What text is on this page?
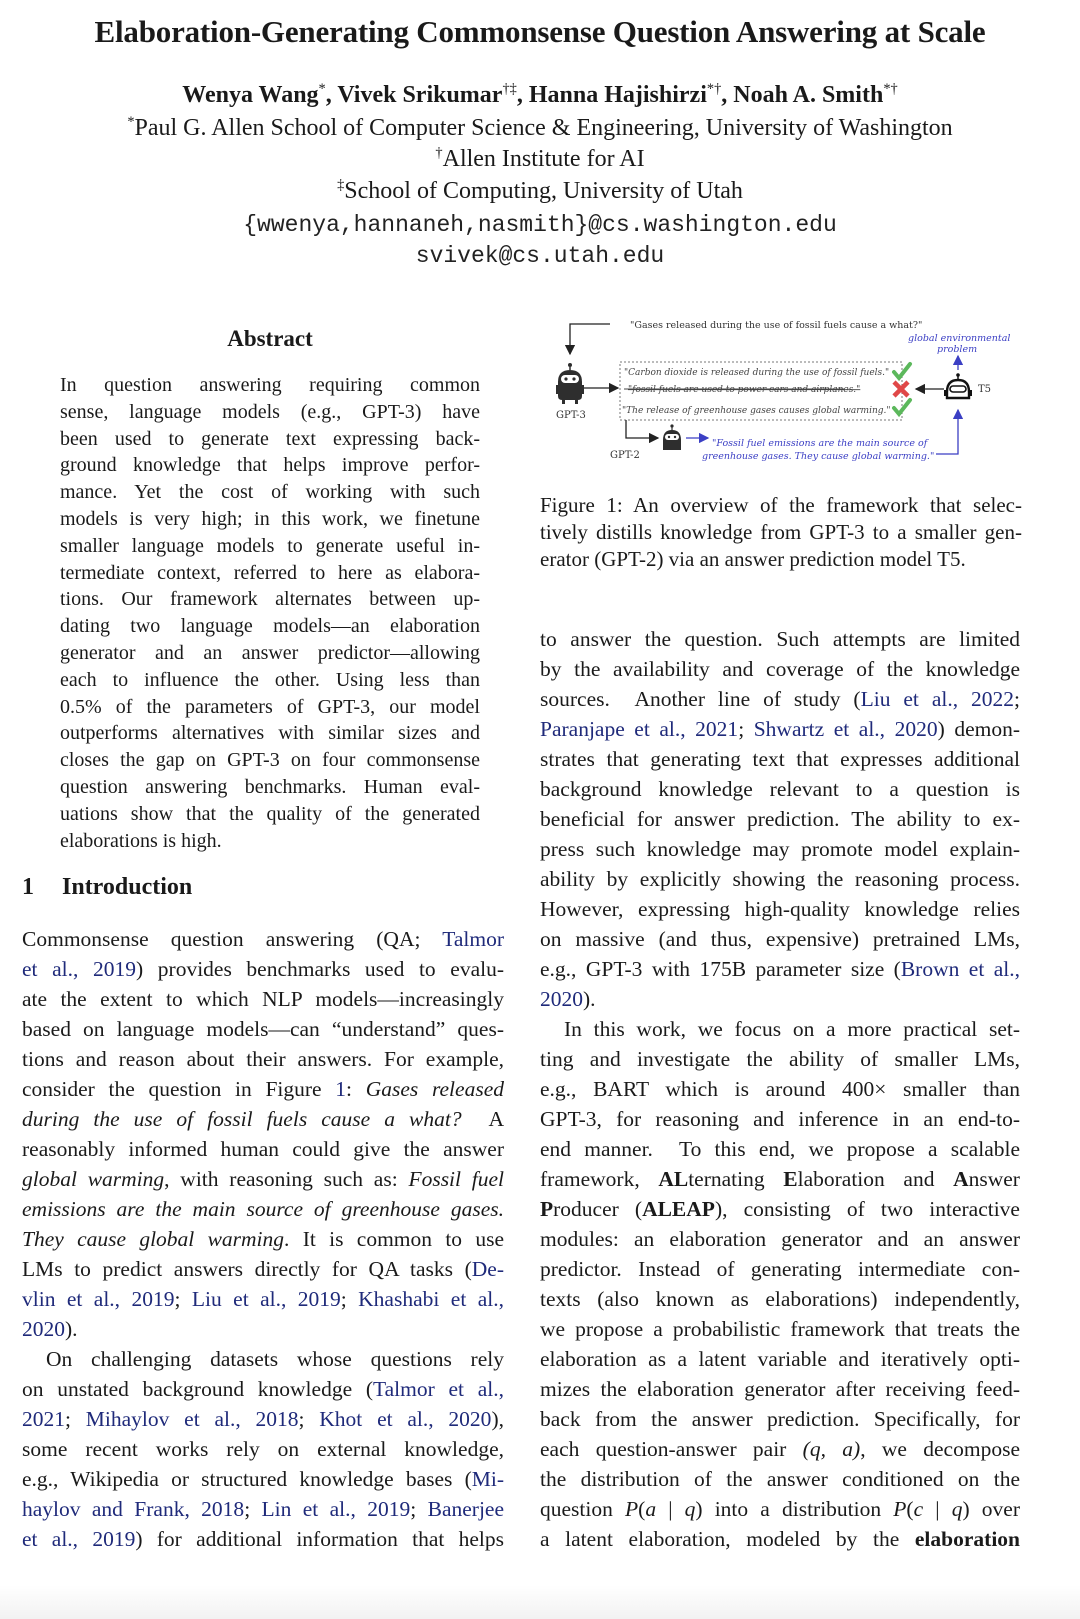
Elaboration-Generating Commonsense Question Answering at Scale
Wenya Wang*, Vivek Srikumar†‡, Hanna Hajishirzi*†, Noah A. Smith*†
*Paul G. Allen School of Computer Science & Engineering, University of Washington
†Allen Institute for AI
‡School of Computing, University of Utah
{wwenya,hannaneh,nasmith}@cs.washington.edu
svivek@cs.utah.edu
Abstract
In question answering requiring common
sense, language models (e.g., GPT-3) have
been used to generate text expressing back-
ground knowledge that helps improve perfor-
mance. Yet the cost of working with such
models is very high; in this work, we finetune
smaller language models to generate useful in-
termediate context, referred to here as elabora-
tions. Our framework alternates between up-
dating two language models—an elaboration
generator and an answer predictor—allowing
each to influence the other. Using less than
0.5% of the parameters of GPT-3, our model
outperforms alternatives with similar sizes and
closes the gap on GPT-3 on four commonsense
question answering benchmarks. Human eval-
uations show that the quality of the generated
elaborations is high.
1 Introduction
Commonsense question answering (QA; Talmor
et al., 2019) provides benchmarks used to evalu-
ate the extent to which NLP models—increasingly
based on language models—can “understand” ques-
tions and reason about their answers. For example,
consider the question in Figure 1: Gases released
during the use of fossil fuels cause a what?  A
reasonably informed human could give the answer
global warming, with reasoning such as: Fossil fuel
emissions are the main source of greenhouse gases.
They cause global warming. It is common to use
LMs to predict answers directly for QA tasks (De-
vlin et al., 2019; Liu et al., 2019; Khashabi et al.,
2020).
On challenging datasets whose questions rely
on unstated background knowledge (Talmor et al.,
2021; Mihaylov et al., 2018; Khot et al., 2020),
some recent works rely on external knowledge,
e.g., Wikipedia or structured knowledge bases (Mi-
haylov and Frank, 2018; Lin et al., 2019; Banerjee
et al., 2019) for additional information that helps
"Gases released during the use of fossil fuels cause a what?"
GPT-3
"Carbon dioxide is released during the use of fossil fuels."
"fossil fuels are used to power cars and airplanes."
"The release of greenhouse gases causes global warming."
T5
global environmental
problem
GPT-2
"Fossil fuel emissions are the main source of
greenhouse gases. They cause global warming."
Figure 1: An overview of the framework that selec-
tively distills knowledge from GPT-3 to a smaller gen-
erator (GPT-2) via an answer prediction model T5.
to answer the question. Such attempts are limited
by the availability and coverage of the knowledge
sources.  Another line of study (Liu et al., 2022;
Paranjape et al., 2021; Shwartz et al., 2020) demon-
strates that generating text that expresses additional
background knowledge relevant to a question is
beneficial for answer prediction. The ability to ex-
press such knowledge may promote model explain-
ability by explicitly showing the reasoning process.
However, expressing high-quality knowledge relies
on massive (and thus, expensive) pretrained LMs,
e.g., GPT-3 with 175B parameter size (Brown et al.,
2020).
In this work, we focus on a more practical set-
ting and investigate the ability of smaller LMs,
e.g., BART which is around 400× smaller than
GPT-3, for reasoning and inference in an end-to-
end manner.  To this end, we propose a scalable
framework, ALternating Elaboration and Answer
Producer (ALEAP), consisting of two interactive
modules: an elaboration generator and an answer
predictor. Instead of generating intermediate con-
texts (also known as elaborations) independently,
we propose a probabilistic framework that treats the
elaboration as a latent variable and iteratively opti-
mizes the elaboration generator after receiving feed-
back from the answer prediction. Specifically, for
each question-answer pair (q, a), we decompose
the distribution of the answer conditioned on the
question P(a | q) into a distribution P(c | q) over
a latent elaboration, modeled by the elaboration
